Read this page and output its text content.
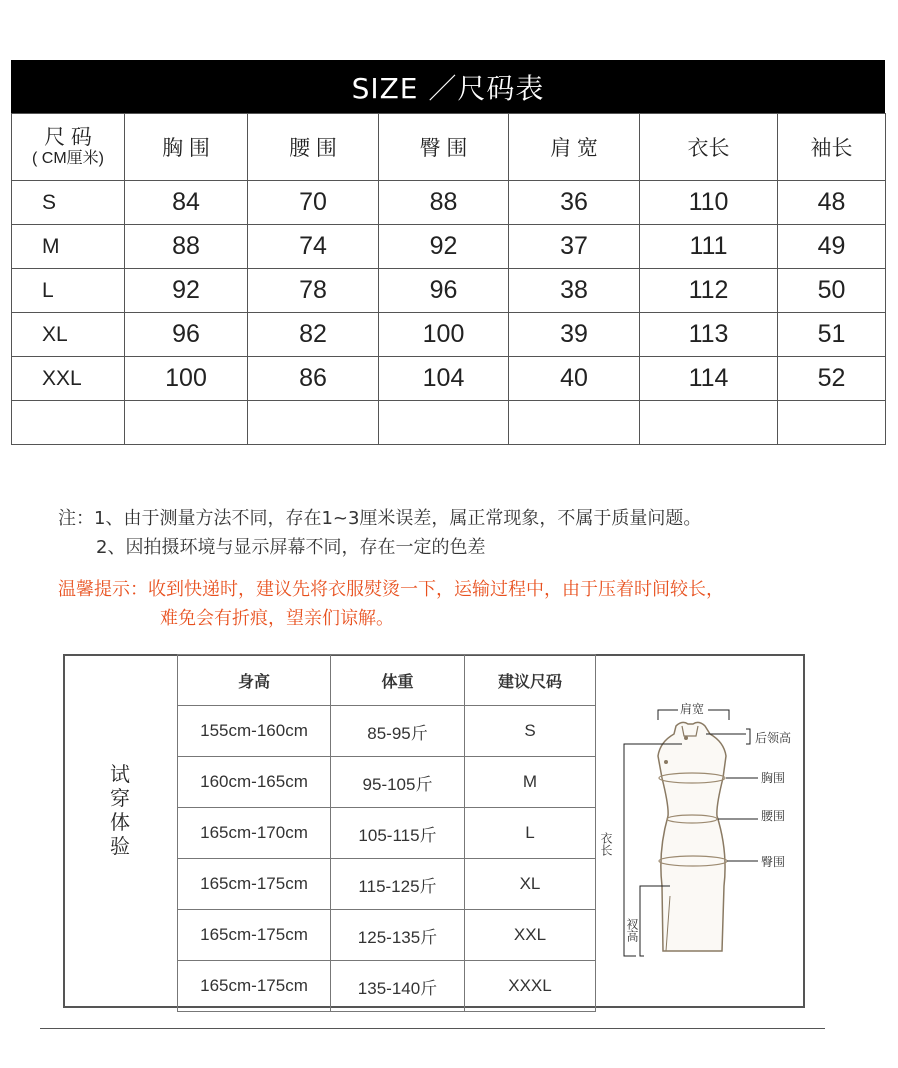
SIZE ／尺码表
尺 码
( CM厘米)	胸 围	腰 围	臀 围	肩 宽	衣长	袖长
S	84	70	88	36	110	48
M	88	74	92	37	111	49
L	92	78	96	38	112	50
XL	96	82	100	39	113	51
XXL	100	86	104	40	114	52

注：1、由于测量方法不同，存在1~3厘米误差，属正常现象，不属于质量问题。
2、因拍摄环境与显示屏幕不同，存在一定的色差
温馨提示：收到快递时，建议先将衣服熨烫一下，运输过程中，由于压着时间较长，
难免会有折痕，望亲们谅解。
试
穿
体
验
身高	体重	建议尺码
155cm-160cm	85-95斤	S
160cm-165cm	95-105斤	M
165cm-170cm	105-115斤	L
165cm-175cm	115-125斤	XL
165cm-175cm	125-135斤	XXL
165cm-175cm	135-140斤	XXXL
肩宽
后领高
胸围
腰围
臀围
衣长
衩高
